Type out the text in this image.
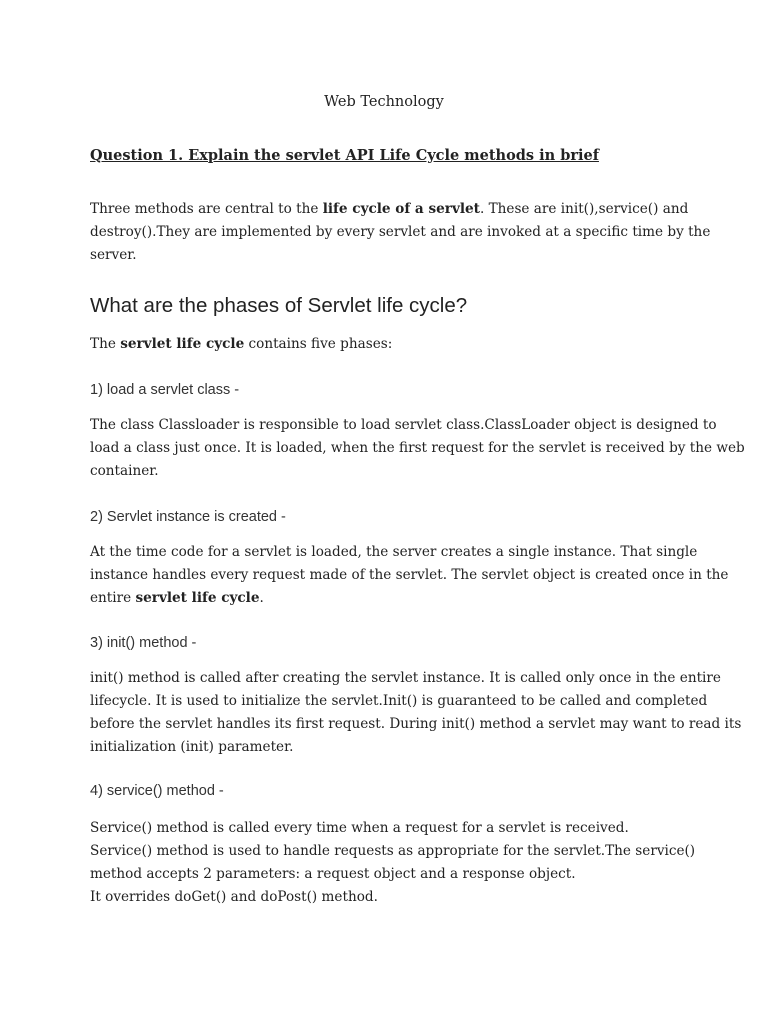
Web Technology
Question 1. Explain the servlet API Life Cycle methods in brief

Three methods are central to the life cycle of a servlet. These are init(),service() and
destroy().They are implemented by every servlet and are invoked at a specific time by the
server.

What are the phases of Servlet life cycle?

The servlet life cycle contains five phases:

1) load a servlet class -

The class Classloader is responsible to load servlet class.ClassLoader object is designed to
load a class just once. It is loaded, when the first request for the servlet is received by the web
container.

2) Servlet instance is created -

At the time code for a servlet is loaded, the server creates a single instance. That single
instance handles every request made of the servlet. The servlet object is created once in the
entire servlet life cycle.

3) init() method -

init() method is called after creating the servlet instance. It is called only once in the entire
lifecycle. It is used to initialize the servlet.Init() is guaranteed to be called and completed
before the servlet handles its first request. During init() method a servlet may want to read its
initialization (init) parameter.

4) service() method -

Service() method is called every time when a request for a servlet is received.
Service() method is used to handle requests as appropriate for the servlet.The service()
method accepts 2 parameters: a request object and a response object.
It overrides doGet() and doPost() method.
